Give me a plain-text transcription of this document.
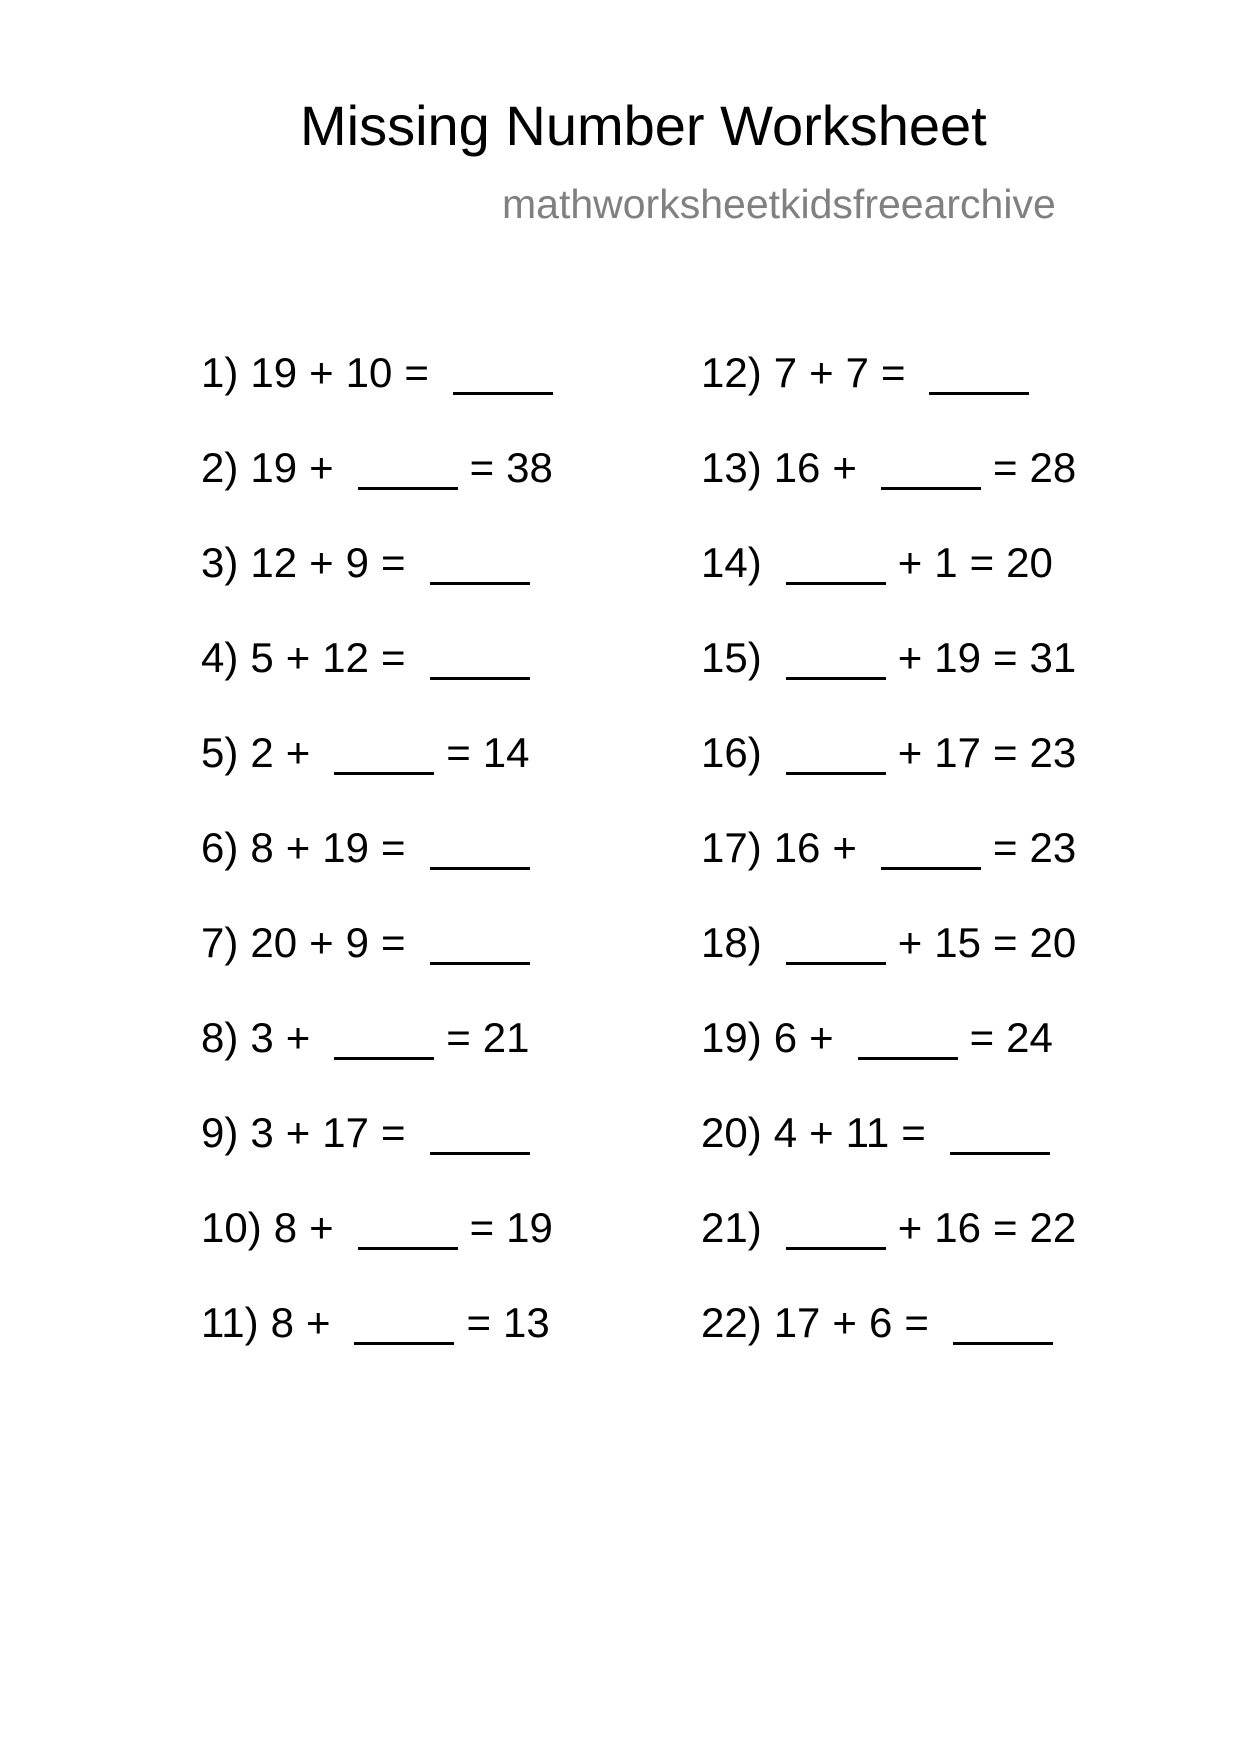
Missing Number Worksheet
mathworksheetkidsfreearchive
1) 19 + 10 =
2) 19 +	= 38
3) 12 + 9 =
4) 5 + 12 =
5) 2 +	= 14
6) 8 + 19 =
7) 20 + 9 =
8) 3 +	= 21
9) 3 + 17 =
10) 8 +	= 19
11) 8 +	= 13
12) 7 + 7 =
13) 16 +	= 28
14)	+ 1 = 20
15)	+ 19 = 31
16)	+ 17 = 23
17) 16 +	= 23
18)	+ 15 = 20
19) 6 +	= 24
20) 4 + 11 =
21)	+ 16 = 22
22) 17 + 6 =
